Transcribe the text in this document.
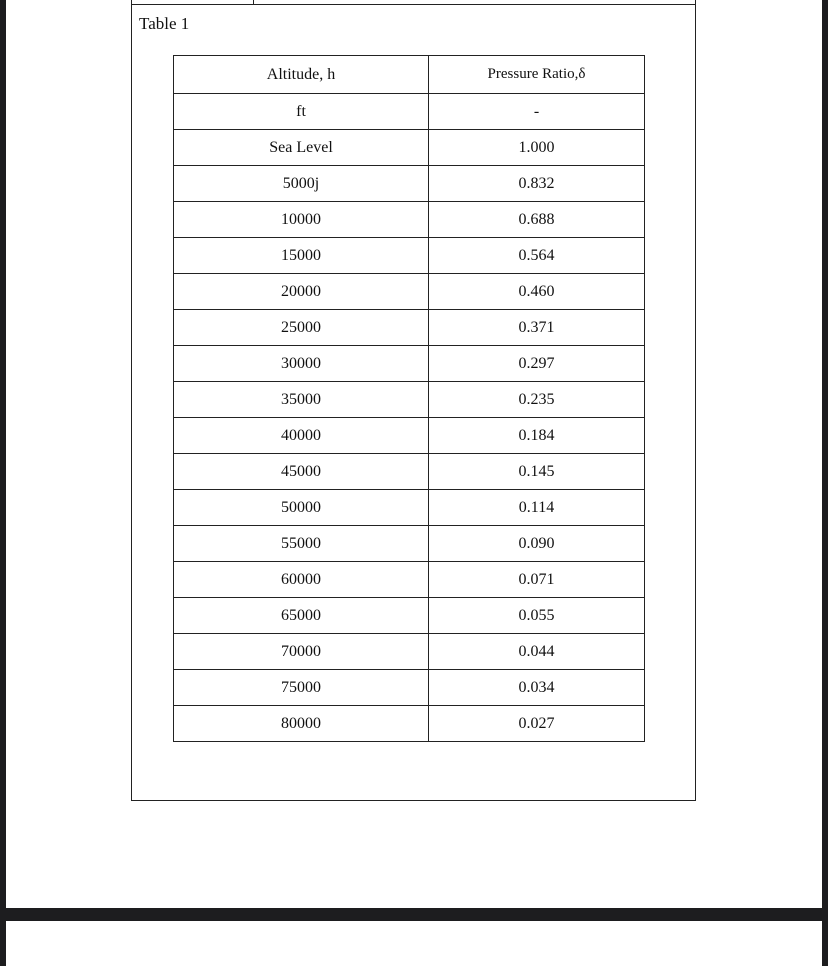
Table 1
Altitude, h	Pressure Ratio,δ
ft	-
Sea Level	1.000
5000j	0.832
10000	0.688
15000	0.564
20000	0.460
25000	0.371
30000	0.297
35000	0.235
40000	0.184
45000	0.145
50000	0.114
55000	0.090
60000	0.071
65000	0.055
70000	0.044
75000	0.034
80000	0.027
